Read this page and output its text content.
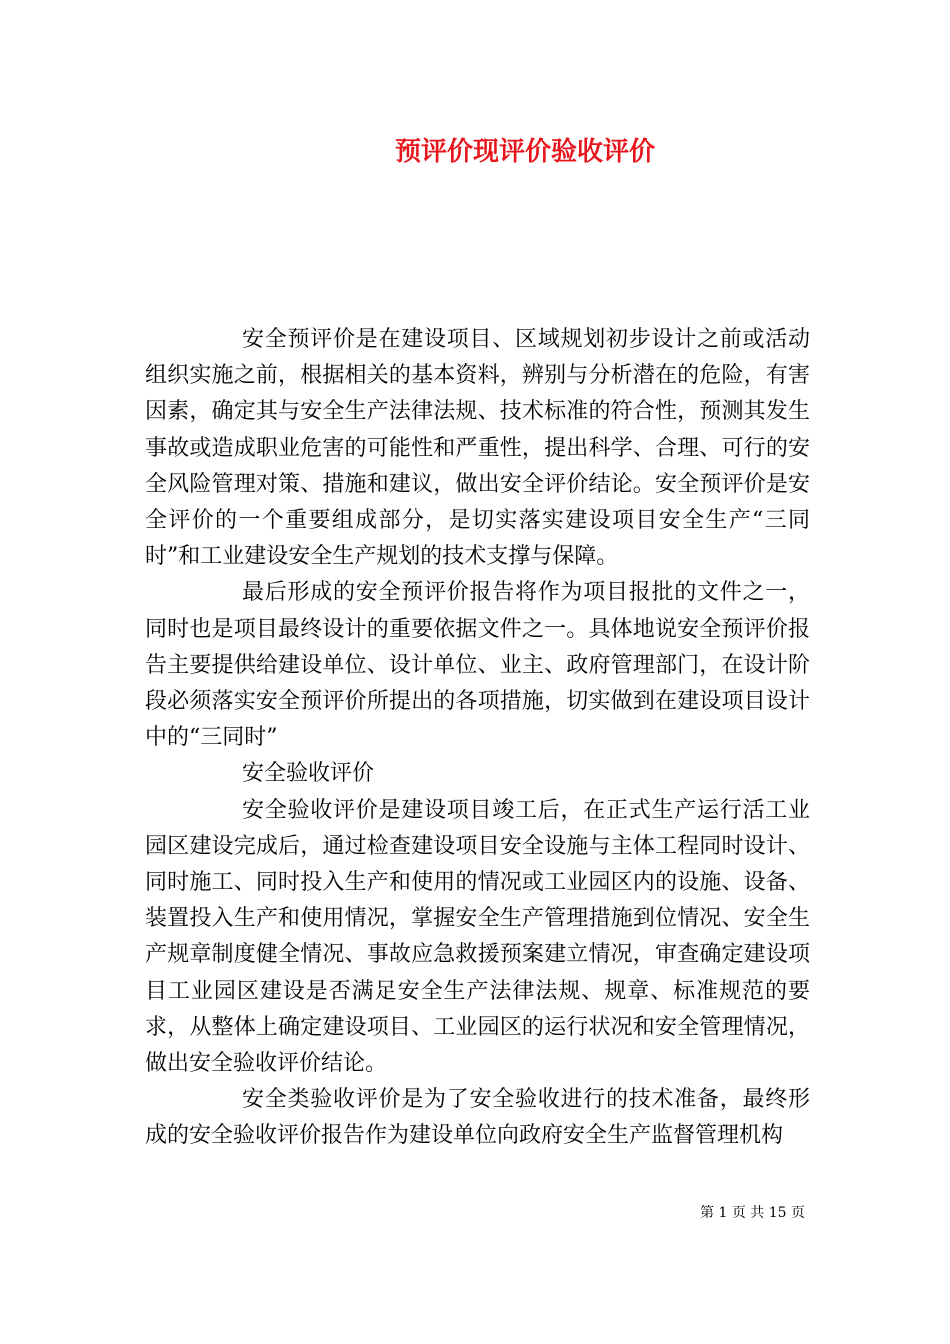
预评价现评价验收评价

安全预评价是在建设项目、区域规划初步设计之前或活动组织实施之前，根据相关的基本资料，辨别与分析潜在的危险，有害因素，确定其与安全生产法律法规、技术标准的符合性，预测其发生事故或造成职业危害的可能性和严重性，提出科学、合理、可行的安全风险管理对策、措施和建议，做出安全评价结论。安全预评价是安全评价的一个重要组成部分，是切实落实建设项目安全生产“三同时”和工业建设安全生产规划的技术支撑与保障。

最后形成的安全预评价报告将作为项目报批的文件之一，同时也是项目最终设计的重要依据文件之一。具体地说安全预评价报告主要提供给建设单位、设计单位、业主、政府管理部门，在设计阶段必须落实安全预评价所提出的各项措施，切实做到在建设项目设计中的“三同时”

安全验收评价

安全验收评价是建设项目竣工后，在正式生产运行活工业园区建设完成后，通过检查建设项目安全设施与主体工程同时设计、同时施工、同时投入生产和使用的情况或工业园区内的设施、设备、装置投入生产和使用情况，掌握安全生产管理措施到位情况、安全生产规章制度健全情况、事故应急救援预案建立情况，审查确定建设项目工业园区建设是否满足安全生产法律法规、规章、标准规范的要求，从整体上确定建设项目、工业园区的运行状况和安全管理情况，做出安全验收评价结论。

安全类验收评价是为了安全验收进行的技术准备，最终形成的安全验收评价报告作为建设单位向政府安全生产监督管理机构

第 1 页 共 15 页
